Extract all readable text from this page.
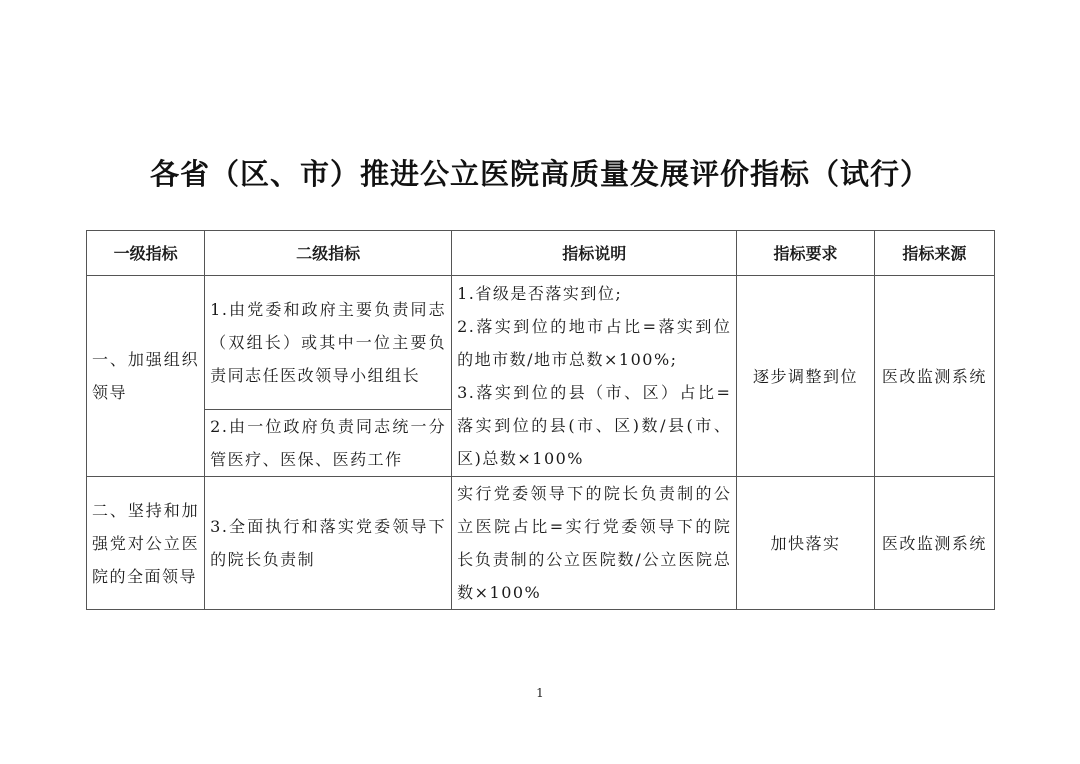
各省（区、市）推进公立医院高质量发展评价指标（试行）
一级指标	二级指标	指标说明	指标要求	指标来源
一、加强组织领导	1.由党委和政府主要负责同志（双组长）或其中一位主要负责同志任医改领导小组组长	1.省级是否落实到位;
2.落实到位的地市占比=落实到位的地市数/地市总数×100%;
3.落实到位的县（市、区）占比=落实到位的县(市、区)数/县(市、区)总数×100%	逐步调整到位	医改监测系统
	2.由一位政府负责同志统一分管医疗、医保、医药工作			
二、坚持和加强党对公立医院的全面领导	3.全面执行和落实党委领导下的院长负责制	实行党委领导下的院长负责制的公立医院占比=实行党委领导下的院长负责制的公立医院数/公立医院总数×100%	加快落实	医改监测系统
1
